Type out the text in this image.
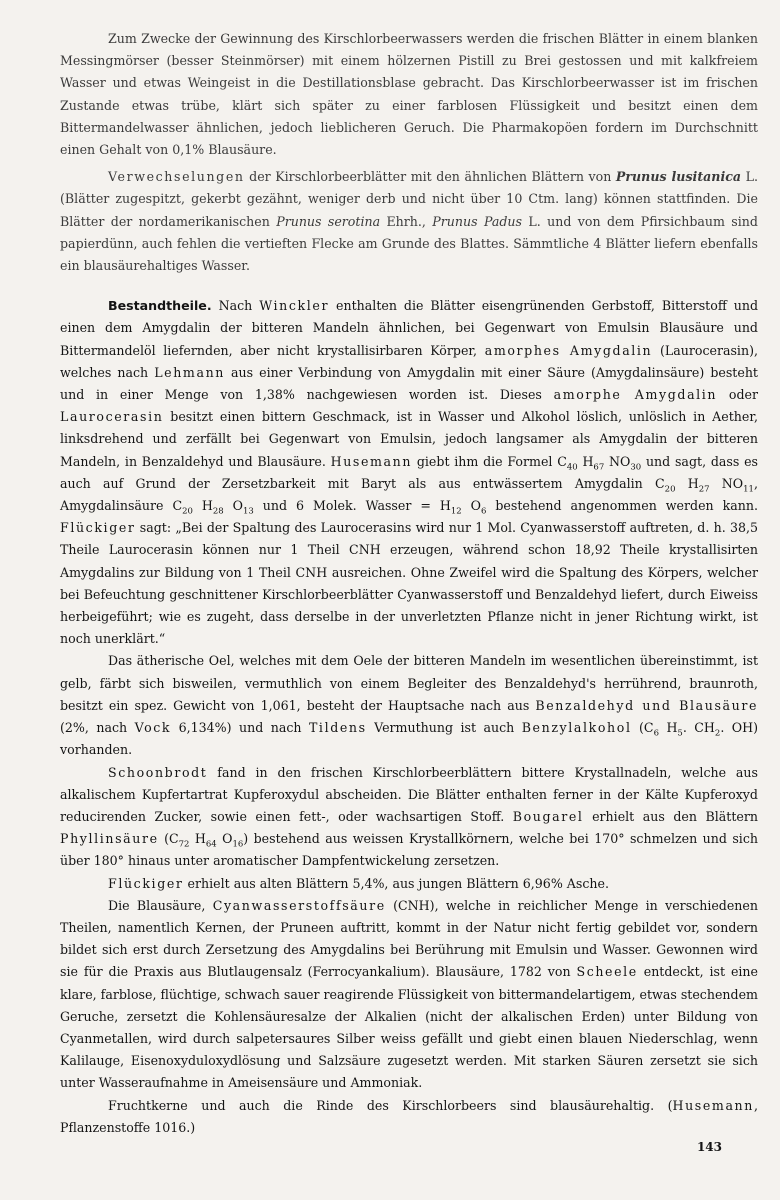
Zum Zwecke der Gewinnung des Kirschlorbeerwassers werden die frischen Blätter in einem blanken Messingmörser (besser Steinmörser) mit einem hölzernen Pistill zu Brei gestossen und mit kalkfreiem Wasser und etwas Weingeist in die Destillationsblase gebracht. Das Kirschlorbeerwasser ist im frischen Zustande etwas trübe, klärt sich später zu einer farblosen Flüssigkeit und besitzt einen dem Bittermandelwasser ähnlichen, jedoch lieblicheren Geruch. Die Pharmakopöen fordern im Durchschnitt einen Gehalt von 0,1% Blausäure.

Verwechselungen der Kirschlorbeerblätter mit den ähnlichen Blättern von Prunus lusitanica L. (Blätter zugespitzt, gekerbt gezähnt, weniger derb und nicht über 10 Ctm. lang) können stattfinden. Die Blätter der nordamerikanischen Prunus serotina Ehrh., Prunus Padus L. und von dem Pfirsichbaum sind papierdünn, auch fehlen die vertieften Flecke am Grunde des Blattes. Sämmtliche 4 Blätter liefern ebenfalls ein blausäurehaltiges Wasser.

Bestandtheile. Nach Winckler enthalten die Blätter eisengrünenden Gerbstoff, Bitterstoff und einen dem Amygdalin der bitteren Mandeln ähnlichen, bei Gegenwart von Emulsin Blausäure und Bittermandelöl liefernden, aber nicht krystallisirbaren Körper, amorphes Amygdalin (Laurocerasin), welches nach Lehmann aus einer Verbindung von Amygdalin mit einer Säure (Amygdalinsäure) besteht und in einer Menge von 1,38% nachgewiesen worden ist. Dieses amorphe Amygdalin oder Laurocerasin besitzt einen bittern Geschmack, ist in Wasser und Alkohol löslich, unlöslich in Aether, linksdrehend und zerfällt bei Gegenwart von Emulsin, jedoch langsamer als Amygdalin der bitteren Mandeln, in Benzaldehyd und Blausäure. Husemann giebt ihm die Formel $C_{40}$ $H_{67}$ $NO_{30}$ und sagt, dass es auch auf Grund der Zersetzbarkeit mit Baryt als aus entwässertem Amygdalin $C_{20}$ $H_{27}$ $NO_{11}$, Amygdalinsäure $C_{20}$ $H_{28}$ $O_{13}$ und 6 Molek. Wasser = $H_{12}$ $O_6$ bestehend angenommen werden kann. Flückiger sagt: „Bei der Spaltung des Laurocerasins wird nur 1 Mol. Cyanwasserstoff auftreten, d. h. 38,5 Theile Laurocerasin können nur 1 Theil CNH erzeugen, während schon 18,92 Theile krystallisirten Amygdalins zur Bildung von 1 Theil CNH ausreichen. Ohne Zweifel wird die Spaltung des Körpers, welcher bei Befeuchtung geschnittener Kirschlorbeerblätter Cyanwasserstoff und Benzaldehyd liefert, durch Eiweiss herbeigeführt; wie es zugeht, dass derselbe in der unverletzten Pflanze nicht in jener Richtung wirkt, ist noch unerklärt.“

Das ätherische Oel, welches mit dem Oele der bitteren Mandeln im wesentlichen übereinstimmt, ist gelb, färbt sich bisweilen, vermuthlich von einem Begleiter des Benzaldehyd's herrührend, braunroth, besitzt ein spez. Gewicht von 1,061, besteht der Hauptsache nach aus Benzaldehyd und Blausäure (2%, nach Vock 6,134%) und nach Tildens Vermuthung ist auch Benzylalkohol ($C_6$ $H_5$. $CH_2$. OH) vorhanden.

Schoonbrodt fand in den frischen Kirschlorbeerblättern bittere Krystallnadeln, welche aus alkalischem Kupfertartrat Kupferoxydul abscheiden. Die Blätter enthalten ferner in der Kälte Kupferoxyd reducirenden Zucker, sowie einen fett-, oder wachsartigen Stoff. Bougarel erhielt aus den Blättern Phyllinsäure ($C_{72}$ $H_{64}$ $O_{16}$) bestehend aus weissen Krystallkörnern, welche bei 170° schmelzen und sich über 180° hinaus unter aromatischer Dampfentwickelung zersetzen.

Flückiger erhielt aus alten Blättern 5,4%, aus jungen Blättern 6,96% Asche.

Die Blausäure, Cyanwasserstoffsäure (CNH), welche in reichlicher Menge in verschiedenen Theilen, namentlich Kernen, der Pruneen auftritt, kommt in der Natur nicht fertig gebildet vor, sondern bildet sich erst durch Zersetzung des Amygdalins bei Berührung mit Emulsin und Wasser. Gewonnen wird sie für die Praxis aus Blutlaugensalz (Ferrocyankalium). Blausäure, 1782 von Scheele entdeckt, ist eine klare, farblose, flüchtige, schwach sauer reagirende Flüssigkeit von bittermandelartigem, etwas stechendem Geruche, zersetzt die Kohlensäuresalze der Alkalien (nicht der alkalischen Erden) unter Bildung von Cyanmetallen, wird durch salpetersaures Silber weiss gefällt und giebt einen blauen Niederschlag, wenn Kalilauge, Eisenoxyduloxydlösung und Salzsäure zugesetzt werden. Mit starken Säuren zersetzt sie sich unter Wasseraufnahme in Ameisensäure und Ammoniak.

Fruchtkerne und auch die Rinde des Kirschlorbeers sind blausäurehaltig. (Husemann, Pflanzenstoffe 1016.)

143
